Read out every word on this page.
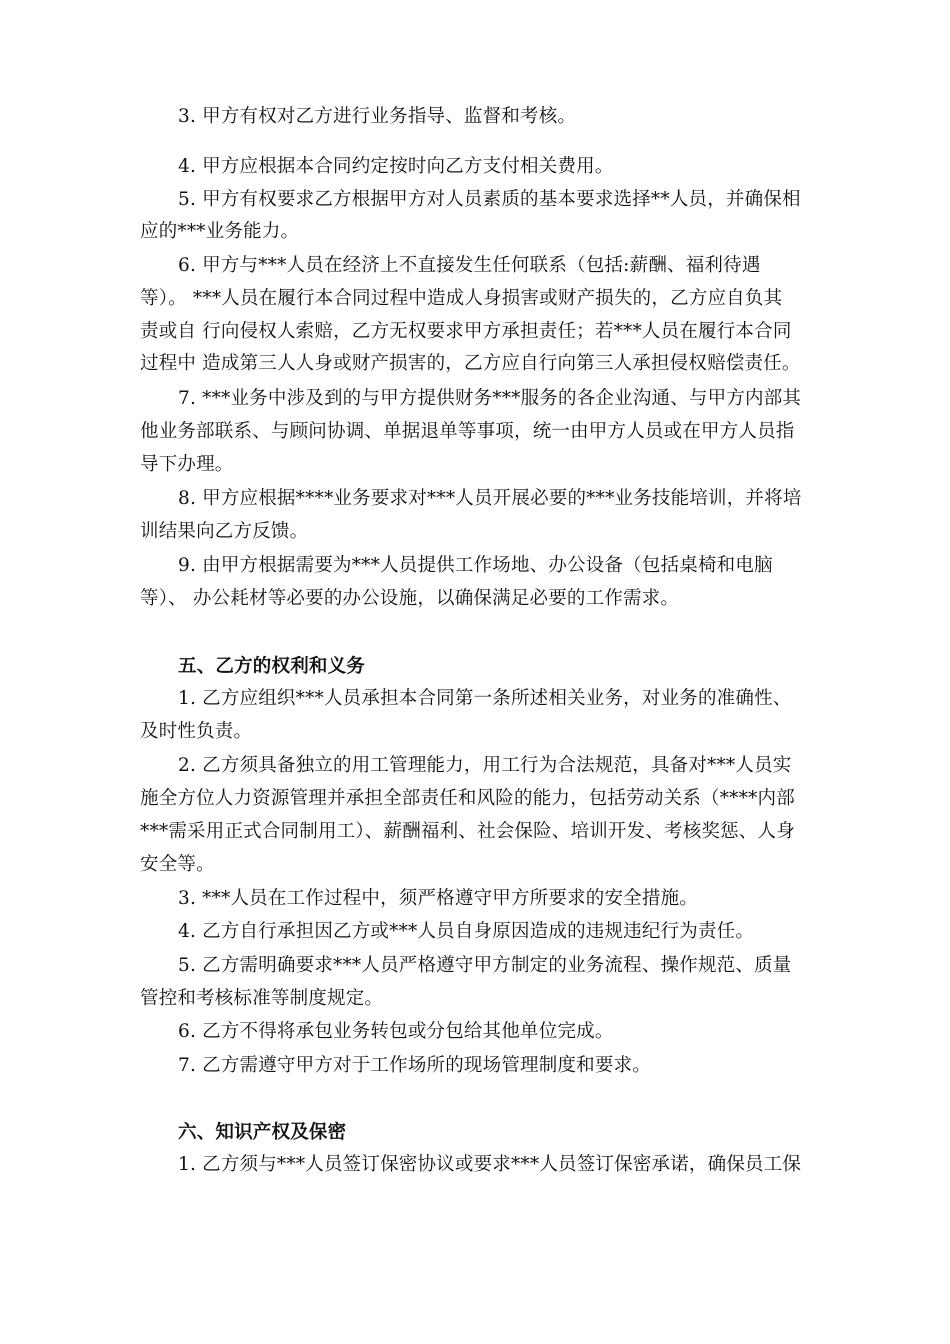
3. 甲方有权对乙方进行业务指导、监督和考核。
4. 甲方应根据本合同约定按时向乙方支付相关费用。
5. 甲方有权要求乙方根据甲方对人员素质的基本要求选择**人员，并确保相
应的***业务能力。
6. 甲方与***人员在经济上不直接发生任何联系（包括:薪酬、福利待遇
等）。 ***人员在履行本合同过程中造成人身损害或财产损失的，乙方应自负其
责或自 行向侵权人索赔，乙方无权要求甲方承担责任；若***人员在履行本合同
过程中 造成第三人人身或财产损害的，乙方应自行向第三人承担侵权赔偿责任。
7. ***业务中涉及到的与甲方提供财务***服务的各企业沟通、与甲方内部其
他业务部联系、与顾问协调、单据退单等事项，统一由甲方人员或在甲方人员指
导下办理。
8. 甲方应根据****业务要求对***人员开展必要的***业务技能培训，并将培
训结果向乙方反馈。
9. 由甲方根据需要为***人员提供工作场地、办公设备（包括桌椅和电脑
等）、 办公耗材等必要的办公设施，以确保满足必要的工作需求。
五、乙方的权利和义务
1. 乙方应组织***人员承担本合同第一条所述相关业务，对业务的准确性、
及时性负责。
2. 乙方须具备独立的用工管理能力，用工行为合法规范，具备对***人员实
施全方位人力资源管理并承担全部责任和风险的能力，包括劳动关系（****内部
***需采用正式合同制用工）、薪酬福利、社会保险、培训开发、考核奖惩、人身
安全等。
3. ***人员在工作过程中，须严格遵守甲方所要求的安全措施。
4. 乙方自行承担因乙方或***人员自身原因造成的违规违纪行为责任。
5. 乙方需明确要求***人员严格遵守甲方制定的业务流程、操作规范、质量
管控和考核标准等制度规定。
6. 乙方不得将承包业务转包或分包给其他单位完成。
7. 乙方需遵守甲方对于工作场所的现场管理制度和要求。
六、知识产权及保密
1. 乙方须与***人员签订保密协议或要求***人员签订保密承诺，确保员工保
